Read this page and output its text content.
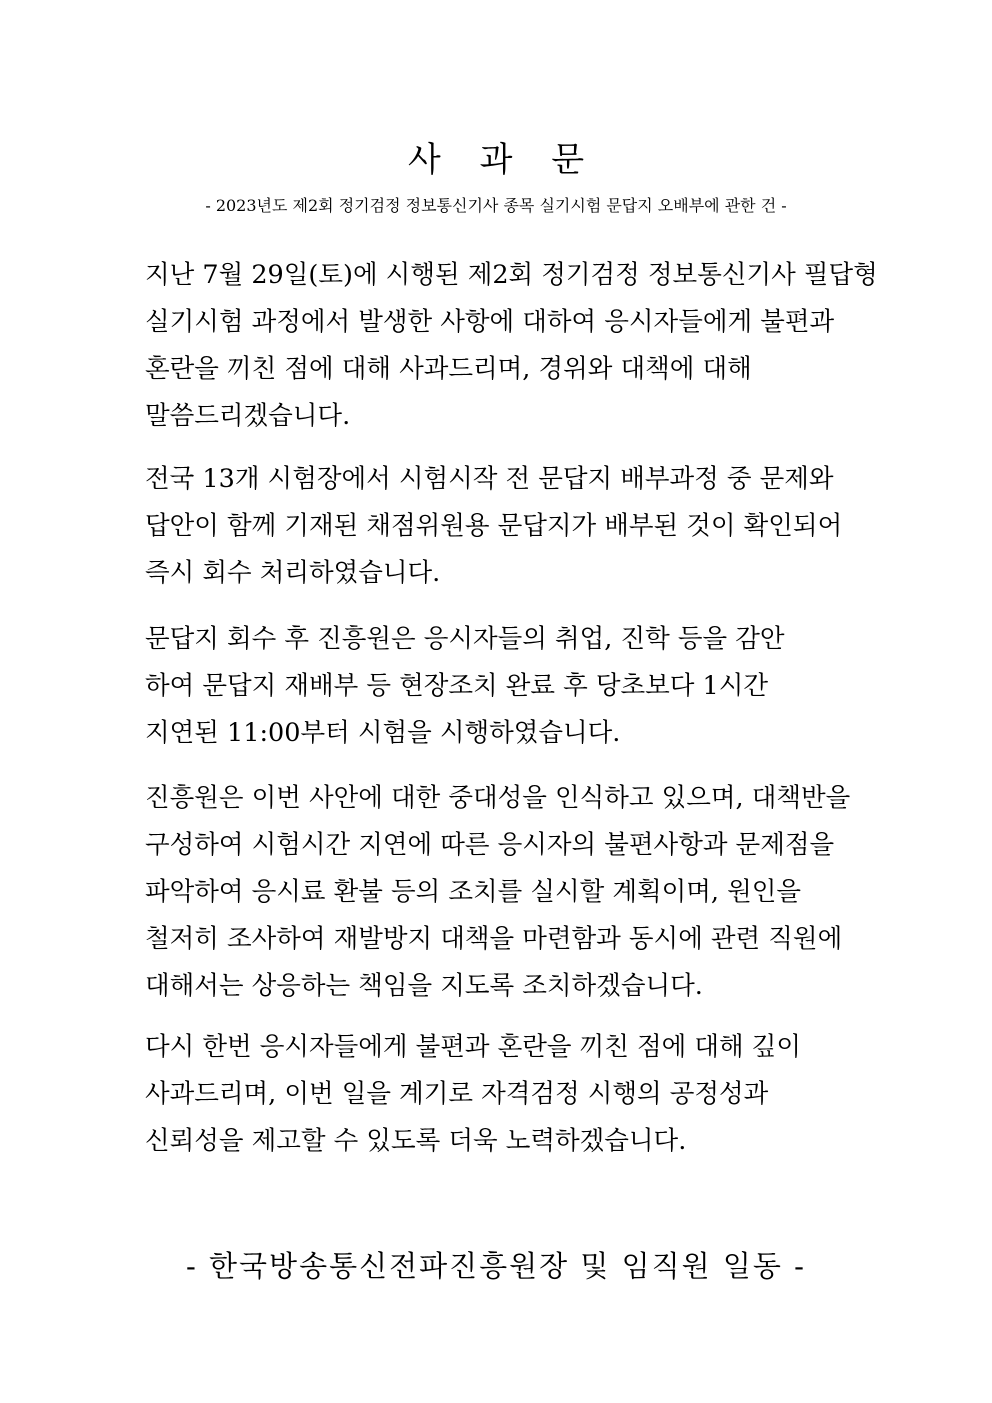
사 과 문
- 2023년도 제2회 정기검정 정보통신기사 종목 실기시험 문답지 오배부에 관한 건 -

지난 7월 29일(토)에 시행된 제2회 정기검정 정보통신기사 필답형
실기시험 과정에서 발생한 사항에 대하여 응시자들에게 불편과
혼란을 끼친 점에 대해 사과드리며, 경위와 대책에 대해
말씀드리겠습니다.

전국 13개 시험장에서 시험시작 전 문답지 배부과정 중 문제와
답안이 함께 기재된 채점위원용 문답지가 배부된 것이 확인되어
즉시 회수 처리하였습니다.

문답지 회수 후 진흥원은 응시자들의 취업, 진학 등을 감안
하여 문답지 재배부 등 현장조치 완료 후 당초보다 1시간
지연된 11:00부터 시험을 시행하였습니다.

진흥원은 이번 사안에 대한 중대성을 인식하고 있으며, 대책반을
구성하여 시험시간 지연에 따른 응시자의 불편사항과 문제점을
파악하여 응시료 환불 등의 조치를 실시할 계획이며, 원인을
철저히 조사하여 재발방지 대책을 마련함과 동시에 관련 직원에
대해서는 상응하는 책임을 지도록 조치하겠습니다.

다시 한번 응시자들에게 불편과 혼란을 끼친 점에 대해 깊이
사과드리며, 이번 일을 계기로 자격검정 시행의 공정성과
신뢰성을 제고할 수 있도록 더욱 노력하겠습니다.

- 한국방송통신전파진흥원장 및 임직원 일동 -
